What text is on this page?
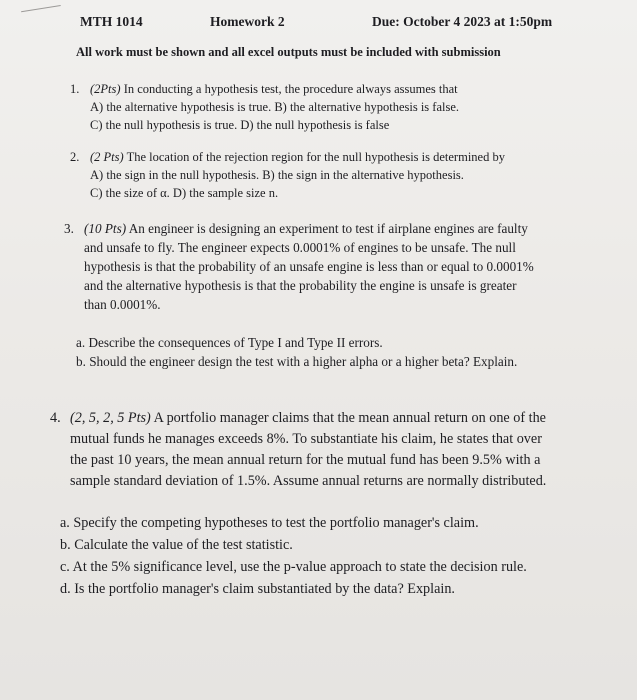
MTH 1014	Homework 2	Due: October 4 2023 at 1:50pm
All work must be shown and all excel outputs must be included with submission
1. (2Pts) In conducting a hypothesis test, the procedure always assumes that

A) the alternative hypothesis is true. B) the alternative hypothesis is false.

C) the null hypothesis is true. D) the null hypothesis is false

2. (2 Pts) The location of the rejection region for the null hypothesis is determined by

A) the sign in the null hypothesis. B) the sign in the alternative hypothesis.

C) the size of α. D) the sample size n.

3. (10 Pts) An engineer is designing an experiment to test if airplane engines are faulty

and unsafe to fly. The engineer expects 0.0001% of engines to be unsafe. The null

hypothesis is that the probability of an unsafe engine is less than or equal to 0.0001%

and the alternative hypothesis is that the probability the engine is unsafe is greater

than 0.0001%.

a. Describe the consequences of Type I and Type II errors.

b. Should the engineer design the test with a higher alpha or a higher beta? Explain.

4. (2, 5, 2, 5 Pts) A portfolio manager claims that the mean annual return on one of the

mutual funds he manages exceeds 8%. To substantiate his claim, he states that over

the past 10 years, the mean annual return for the mutual fund has been 9.5% with a

sample standard deviation of 1.5%. Assume annual returns are normally distributed.

a. Specify the competing hypotheses to test the portfolio manager's claim.

b. Calculate the value of the test statistic.

c. At the 5% significance level, use the p-value approach to state the decision rule.

d. Is the portfolio manager's claim substantiated by the data? Explain.
